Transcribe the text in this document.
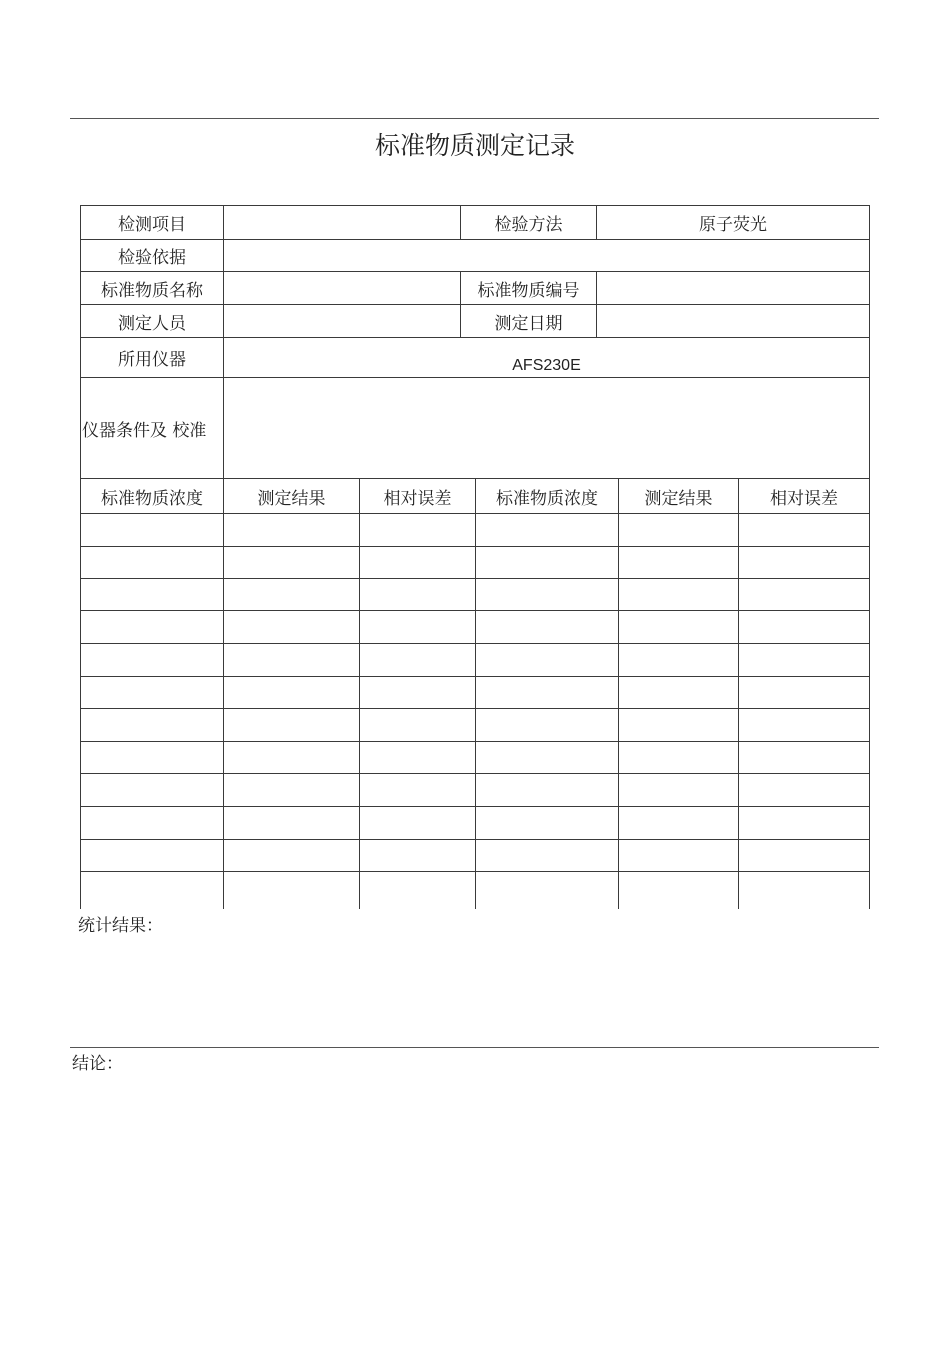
标准物质测定记录
检测项目	检验方法	原子荧光
检验依据
标准物质名称	标准物质编号
测定人员	测定日期
所用仪器	AFS230E
仪器条件及 校准
标准物质浓度	测定结果	相对误差	标准物质浓度	测定结果	相对误差
统计结果：
结论：
